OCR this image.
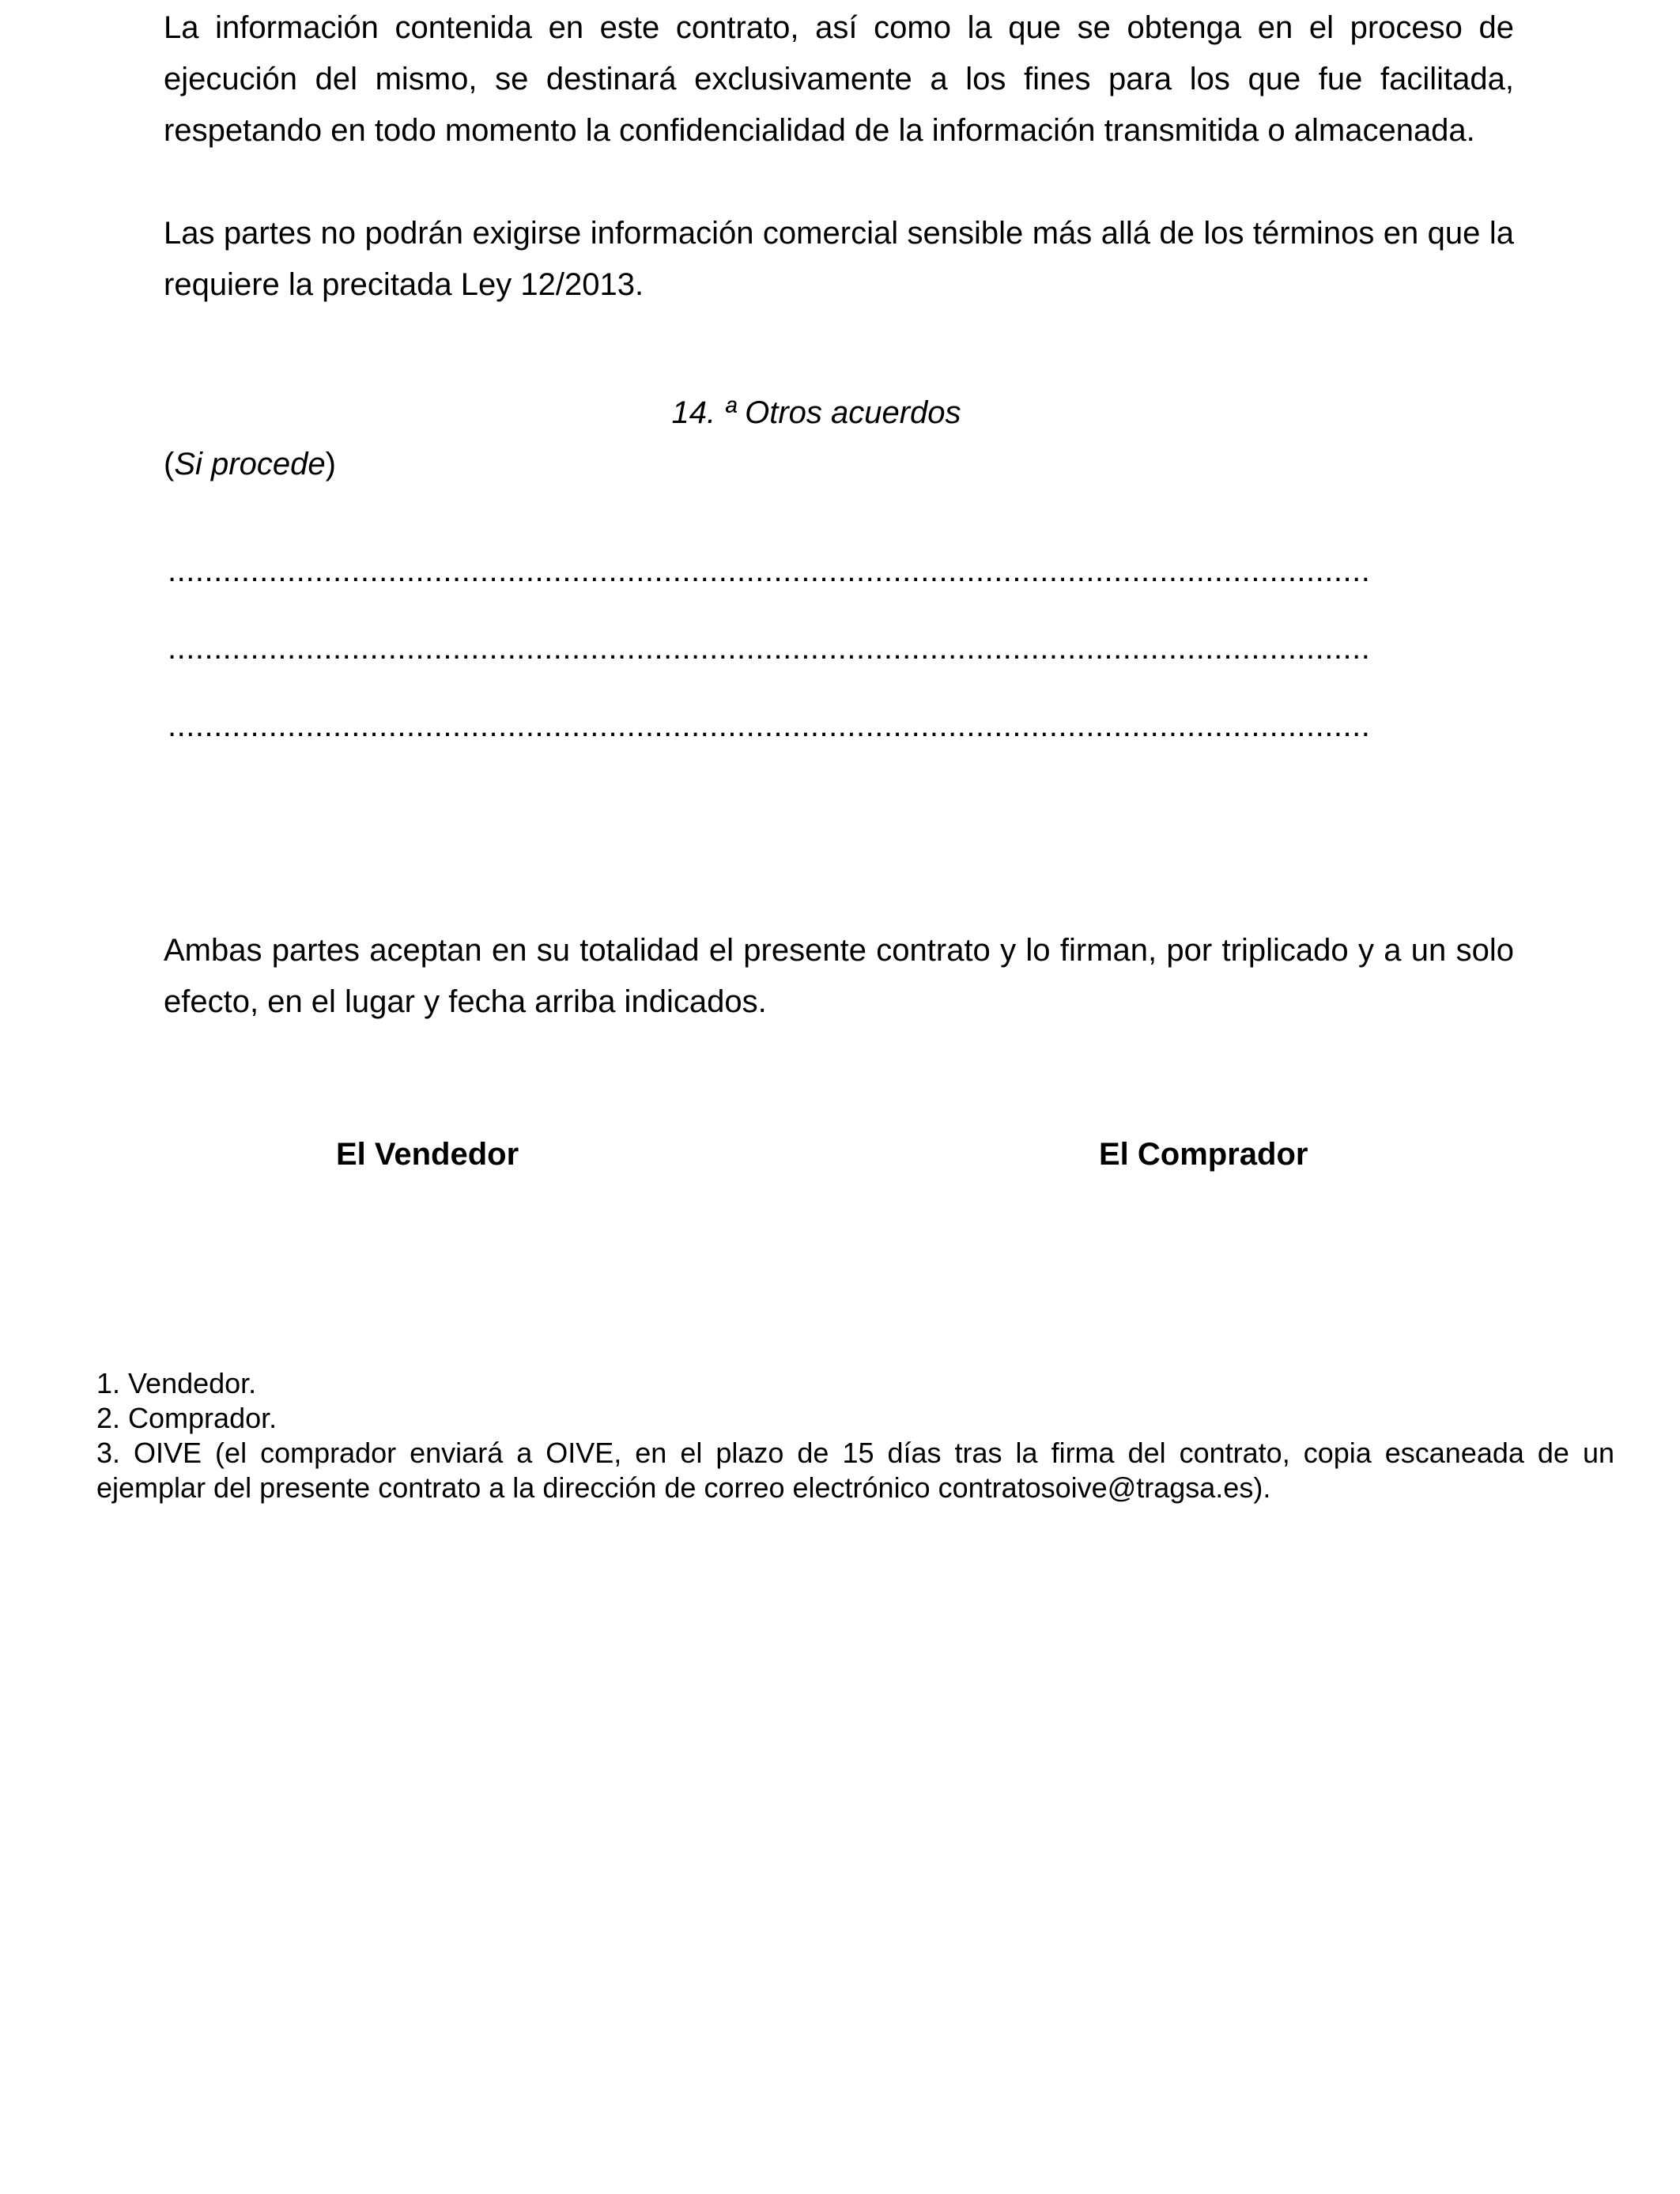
La información contenida en este contrato, así como la que se obtenga en el proceso de ejecución del mismo, se destinará exclusivamente a los fines para los que fue facilitada, respetando en todo momento la confidencialidad de la información transmitida o almacenada.

Las partes no podrán exigirse información comercial sensible más allá de los términos en que la requiere la precitada Ley 12/2013.

14. ª Otros acuerdos

(Si procede)

...................................................................................................................................

...................................................................................................................................

...................................................................................................................................

Ambas partes aceptan en su totalidad el presente contrato y lo firman, por triplicado y a un solo efecto, en el lugar y fecha arriba indicados.

El Vendedor	El Comprador

1. Vendedor.
2. Comprador.
3. OIVE (el comprador enviará a OIVE, en el plazo de 15 días tras la firma del contrato, copia escaneada de un ejemplar del presente contrato a la dirección de correo electrónico contratosoive@tragsa.es).
